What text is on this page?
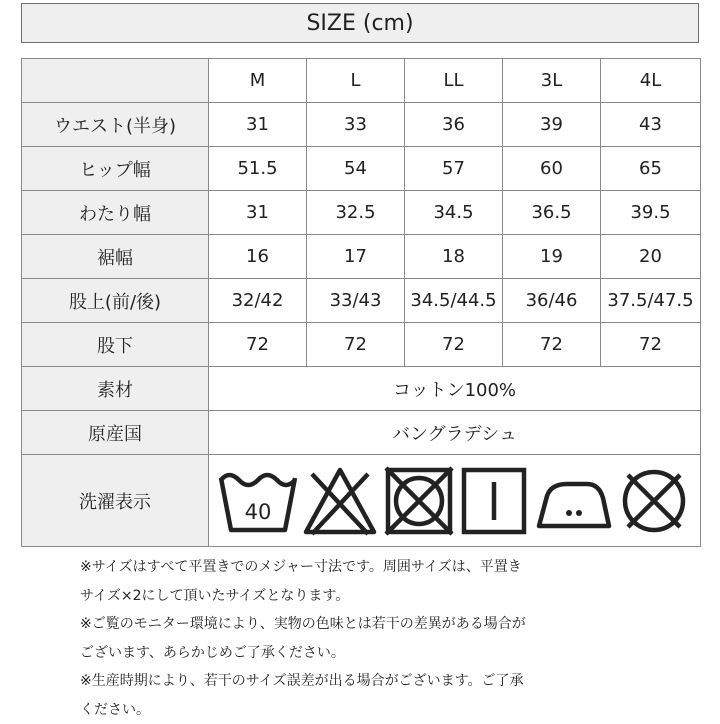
SIZE (cm)
	M	L	LL	3L	4L
ウエスト(半身)	31	33	36	39	43
ヒップ幅	51.5	54	57	60	65
わたり幅	31	32.5	34.5	36.5	39.5
裾幅	16	17	18	19	20
股上(前/後)	32/42	33/43	34.5/44.5	36/46	37.5/47.5
股下	72	72	72	72	72
素材	コットン100%				
原産国	バングラデシュ				
洗濯表示	40				

※サイズはすべて平置きでのメジャー寸法です。周囲サイズは、平置き

サイズ×2にして頂いたサイズとなります。

※ご覧のモニター環境により、実物の色味とは若干の差異がある場合が

ございます、あらかじめご了承ください。

※生産時期により、若干のサイズ誤差が出る場合がございます。ご了承

ください。
